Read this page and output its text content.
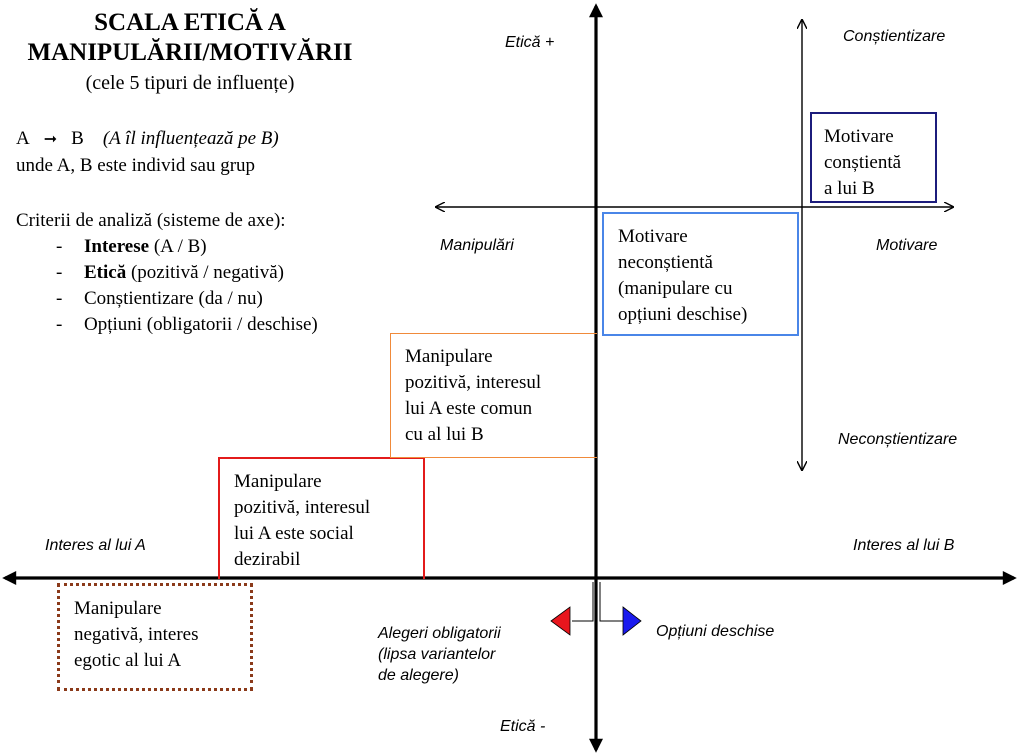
SCALA ETICĂ A
MANIPULĂRII/MOTIVĂRII
(cele 5 tipuri de influențe)
A ➞ B (A îl influențează pe B)
unde A, B este individ sau grup
Criterii de analiză (sisteme de axe):
- Interese (A / B)
- Etică (pozitivă / negativă)
- Conștientizare (da / nu)
- Opțiuni (obligatorii / deschise)
Etică +
Etică -
Interes al lui A	Interes al lui B
Conștientizare
Neconștientizare
Manipulări	Motivare
Alegeri obligatorii
(lipsa variantelor
de alegere)
Opțiuni deschise
Manipulare
negativă, interes
egotic al lui A
Manipulare
pozitivă, interesul
lui A este social
dezirabil
Manipulare
pozitivă, interesul
lui A este comun
cu al lui B
Motivare
neconștientă
(manipulare cu
opțiuni deschise)
Motivare
conștientă
a lui B
